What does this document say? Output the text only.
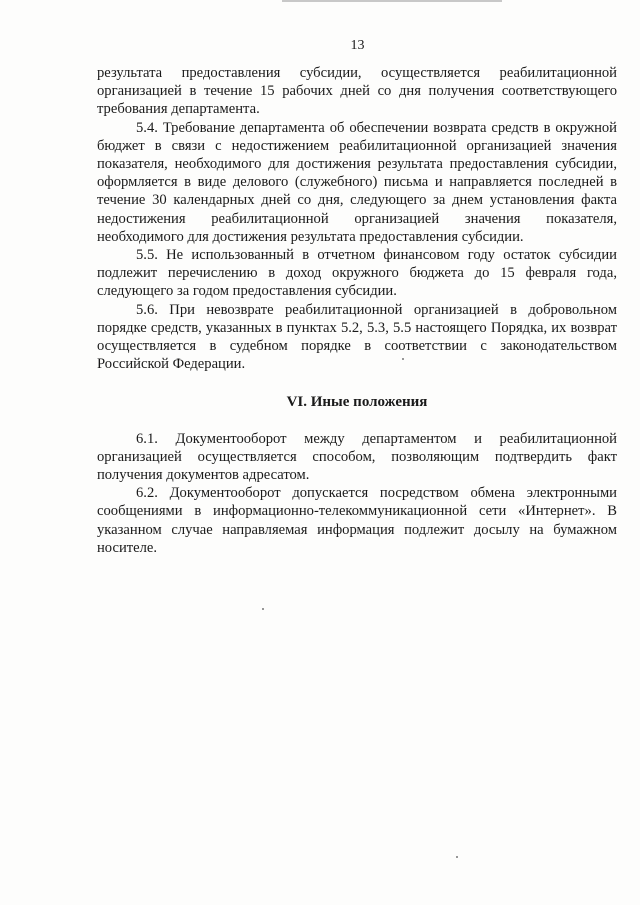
13

результата предоставления субсидии, осуществляется реабилитационной организацией в течение 15 рабочих дней со дня получения соответствующего требования департамента.

5.4. Требование департамента об обеспечении возврата средств в окружной бюджет в связи с недостижением реабилитационной организацией значения показателя, необходимого для достижения результата предоставления субсидии, оформляется в виде делового (служебного) письма и направляется последней в течение 30 календарных дней со дня, следующего за днем установления факта недостижения реабилитационной организацией значения показателя, необходимого для достижения результата предоставления субсидии.

5.5. Не использованный в отчетном финансовом году остаток субсидии подлежит перечислению в доход окружного бюджета до 15 февраля года, следующего за годом предоставления субсидии.

5.6. При невозврате реабилитационной организацией в добровольном порядке средств, указанных в пунктах 5.2, 5.3, 5.5 настоящего Порядка, их возврат осуществляется в судебном порядке в соответствии с законодательством Российской Федерации.

VI. Иные положения

6.1. Документооборот между департаментом и реабилитационной организацией осуществляется способом, позволяющим подтвердить факт получения документов адресатом.

6.2. Документооборот допускается посредством обмена электронными сообщениями в информационно-телекоммуникационной сети «Интернет». В указанном случае направляемая информация подлежит досылу на бумажном носителе.
